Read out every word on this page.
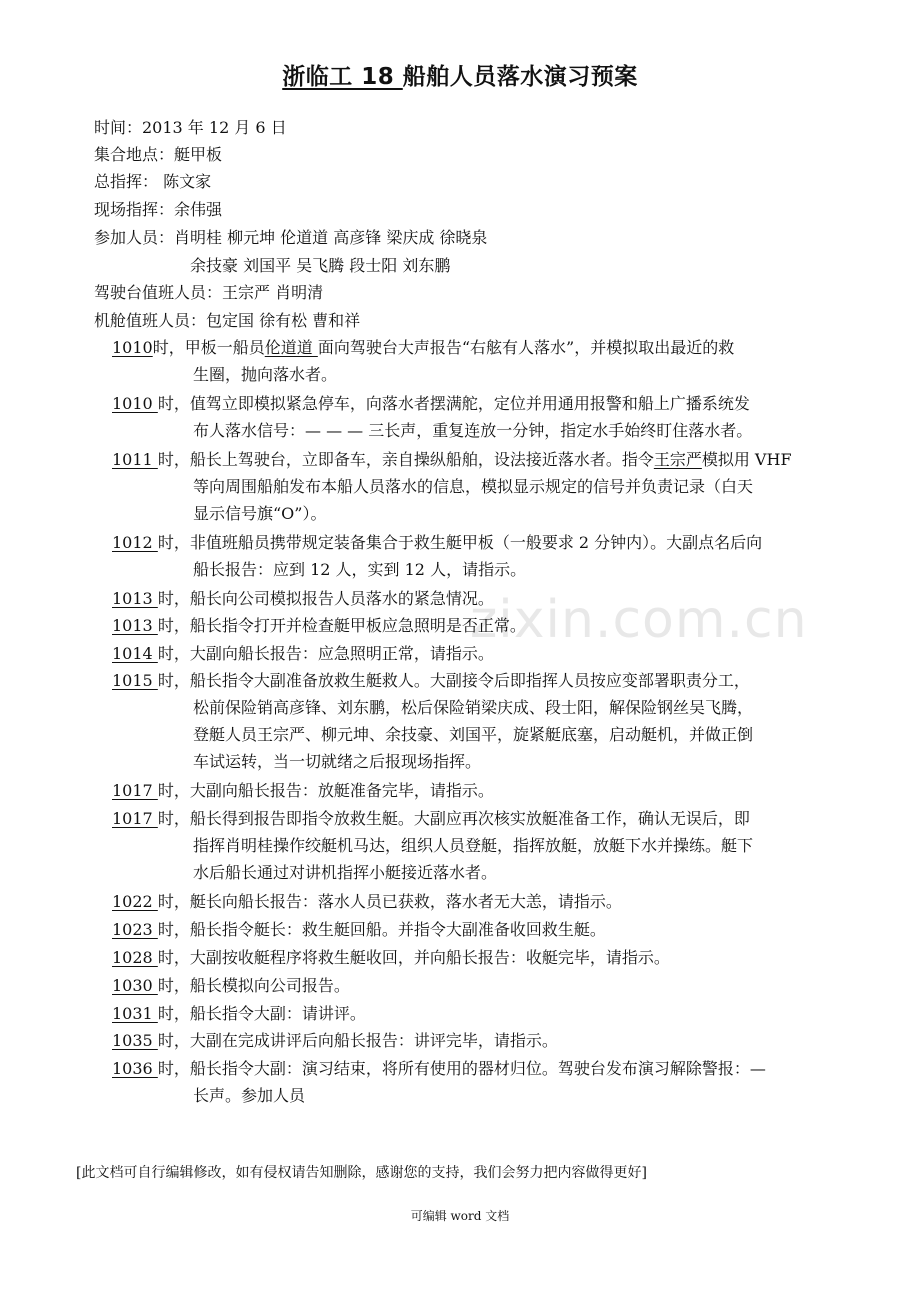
zixin.com.cn
浙临工 18 船舶人员落水演习预案
时间：2013 年 12 月 6 日
集合地点：艇甲板
总指挥： 陈文家
现场指挥：余伟强
参加人员：肖明桂 柳元坤 伦道道 高彦锋 梁庆成 徐晓泉
余技豪 刘国平 吴飞腾 段士阳 刘东鹏
驾驶台值班人员：王宗严 肖明清
机舱值班人员：包定国 徐有松 曹和祥
1010时，甲板一船员伦道道 面向驾驶台大声报告“右舷有人落水”，并模拟取出最近的救
生圈，抛向落水者。
1010 时，值驾立即模拟紧急停车，向落水者摆满舵，定位并用通用报警和船上广播系统发
布人落水信号：— — — 三长声，重复连放一分钟，指定水手始终盯住落水者。
1011 时，船长上驾驶台，立即备车，亲自操纵船舶，设法接近落水者。指令王宗严模拟用 VHF
等向周围船舶发布本船人员落水的信息，模拟显示规定的信号并负责记录（白天
显示信号旗“O”）。
1012 时，非值班船员携带规定装备集合于救生艇甲板（一般要求 2 分钟内）。大副点名后向
船长报告：应到 12 人，实到 12 人，请指示。
1013 时，船长向公司模拟报告人员落水的紧急情况。
1013 时，船长指令打开并检查艇甲板应急照明是否正常。
1014 时，大副向船长报告：应急照明正常，请指示。
1015 时，船长指令大副准备放救生艇救人。大副接令后即指挥人员按应变部署职责分工，
松前保险销高彦锋、刘东鹏，松后保险销梁庆成、段士阳，解保险钢丝吴飞腾，
登艇人员王宗严、柳元坤、余技豪、刘国平，旋紧艇底塞，启动艇机，并做正倒
车试运转，当一切就绪之后报现场指挥。
1017 时，大副向船长报告：放艇准备完毕，请指示。
1017 时，船长得到报告即指令放救生艇。大副应再次核实放艇准备工作，确认无误后，即
指挥肖明桂操作绞艇机马达，组织人员登艇，指挥放艇，放艇下水并操练。艇下
水后船长通过对讲机指挥小艇接近落水者。
1022 时，艇长向船长报告：落水人员已获救，落水者无大恙，请指示。
1023 时，船长指令艇长：救生艇回船。并指令大副准备收回救生艇。
1028 时，大副按收艇程序将救生艇收回，并向船长报告：收艇完毕，请指示。
1030 时，船长模拟向公司报告。
1031 时，船长指令大副：请讲评。
1035 时，大副在完成讲评后向船长报告：讲评完毕，请指示。
1036 时，船长指令大副：演习结束，将所有使用的器材归位。驾驶台发布演习解除警报：—
长声。参加人员
[此文档可自行编辑修改，如有侵权请告知删除，感谢您的支持，我们会努力把内容做得更好]
可编辑 word 文档
